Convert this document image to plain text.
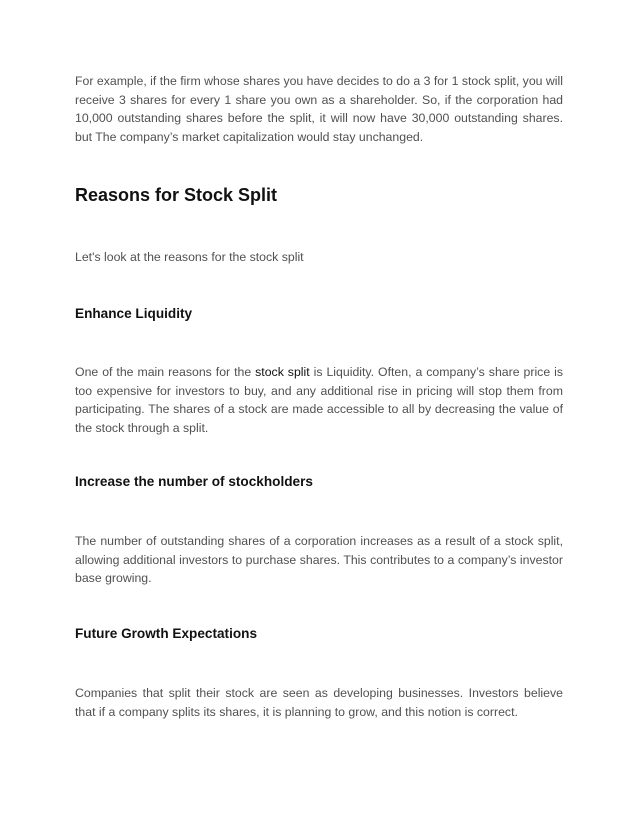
For example, if the firm whose shares you have decides to do a 3 for 1 stock split, you will receive 3 shares for every 1 share you own as a shareholder. So, if the corporation had 10,000 outstanding shares before the split, it will now have 30,000 outstanding shares. but The company’s market capitalization would stay unchanged.

Reasons for Stock Split

Let's look at the reasons for the stock split

Enhance Liquidity

One of the main reasons for the stock split is Liquidity. Often, a company’s share price is too expensive for investors to buy, and any additional rise in pricing will stop them from participating. The shares of a stock are made accessible to all by decreasing the value of the stock through a split.

Increase the number of stockholders

The number of outstanding shares of a corporation increases as a result of a stock split, allowing additional investors to purchase shares. This contributes to a company’s investor base growing.

Future Growth Expectations

Companies that split their stock are seen as developing businesses. Investors believe that if a company splits its shares, it is planning to grow, and this notion is correct.
